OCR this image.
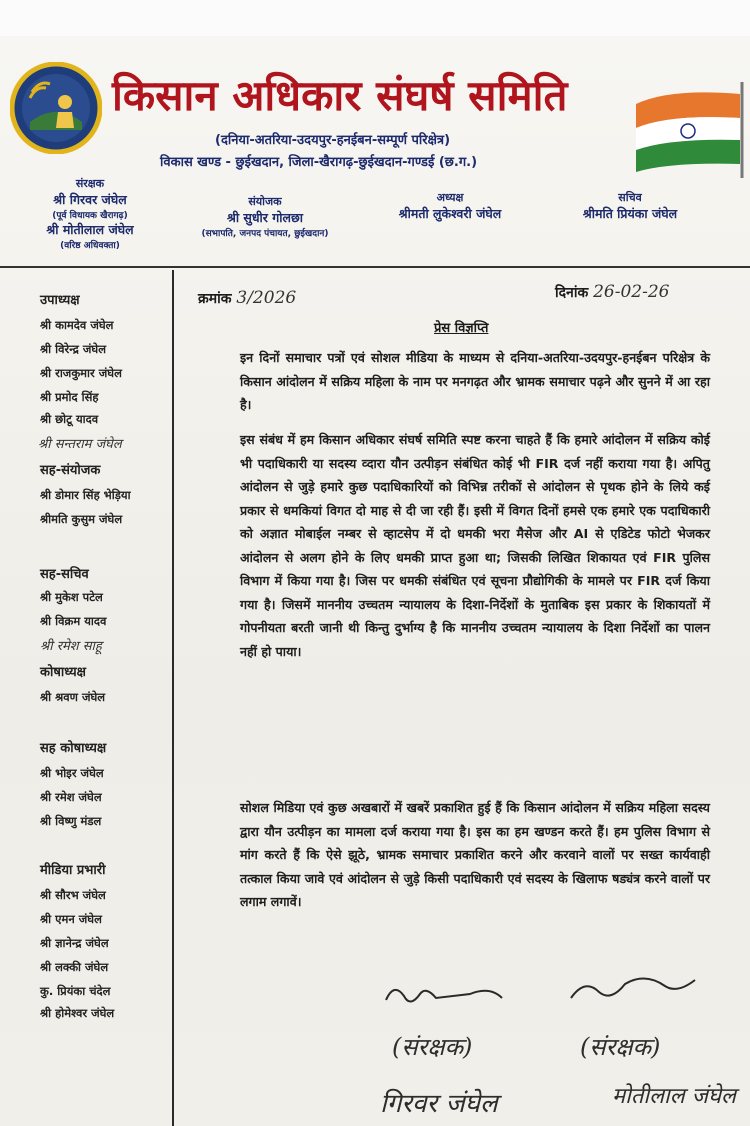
किसान अधिकार संघर्ष समिति
(दनिया-अतरिया-उदयपुर-हनईबन-सम्पूर्ण परिक्षेत्र)
विकास खण्ड - छुईखदान, जिला-खैरागढ़-छुईखदान-गण्डई (छ.ग.)
संरक्षक
श्री गिरवर जंघेल
(पूर्व विधायक खैरागढ़)
श्री मोतीलाल जंघेल
(वरिष्ठ अधिवक्ता)
संयोजक
श्री सुधीर गोलछा
(सभापति, जनपद पंचायत, छुईखदान)
अध्यक्ष
श्रीमती लुकेश्वरी जंघेल
सचिव
श्रीमति प्रियंका जंघेल
उपाध्यक्ष
श्री कामदेव जंघेल
श्री विरेन्द्र जंघेल
श्री राजकुमार जंघेल
श्री प्रमोद सिंह
श्री छोटू यादव
श्री सन्तराम जंघेल
सह-संयोजक
श्री डोमार सिंह भेड़िया
श्रीमति कुसुम जंघेल
सह-सचिव
श्री मुकेश पटेल
श्री विक्रम यादव
श्री रमेश साहू
कोषाध्यक्ष
श्री श्रवण जंघेल
सह कोषाध्यक्ष
श्री भोइर जंघेल
श्री रमेश जंघेल
श्री विष्णु मंडल
मीडिया प्रभारी
श्री सौरभ जंघेल
श्री एमन जंघेल
श्री ज्ञानेन्द्र जंघेल
श्री लक्की जंघेल
कु. प्रियंका चंदेल
श्री होमेश्वर जंघेल
क्रमांक 3/2026	दिनांक 26-02-26
प्रेस विज्ञप्ति
इन दिनों समाचार पत्रों एवं सोशल मीडिया के माध्यम से दनिया-अतरिया-उदयपुर-हनईबन परिक्षेत्र के किसान आंदोलन में सक्रिय महिला के नाम पर मनगढ़त और भ्रामक समाचार पढ़ने और सुनने में आ रहा है।
इस संबंध में हम किसान अधिकार संघर्ष समिति स्पष्ट करना चाहते हैं कि हमारे आंदोलन में सक्रिय कोई भी पदाधिकारी या सदस्य व्दारा यौन उत्पीड़न संबंधित कोई भी FIR दर्ज नहीं कराया गया है। अपितु आंदोलन से जुड़े हमारे कुछ पदाधिकारियों को विभिन्न तरीकों से आंदोलन से पृथक होने के लिये कई प्रकार से धमकियां विगत दो माह से दी जा रही हैं। इसी में विगत दिनों हमसे एक हमारे एक पदाधिकारी को अज्ञात मोबाईल नम्बर से व्हाटसेप में दो धमकी भरा मैसेज और AI से एडिटेड फोटो भेजकर आंदोलन से अलग होने के लिए धमकी प्राप्त हुआ था; जिसकी लिखित शिकायत एवं FIR पुलिस विभाग में किया गया है। जिस पर धमकी संबंधित एवं सूचना प्रौद्योगिकी के मामले पर FIR दर्ज किया गया है। जिसमें माननीय उच्चतम न्यायालय के दिशा-निर्देशों के मुताबिक इस प्रकार के शिकायतों में गोपनीयता बरती जानी थी किन्तु दुर्भाग्य है कि माननीय उच्चतम न्यायालय के दिशा निर्देशों का पालन नहीं हो पाया।
सोशल मिडिया एवं कुछ अखबारों में खबरें प्रकाशित हुई हैं कि किसान आंदोलन में सक्रिय महिला सदस्य द्वारा यौन उत्पीड़न का मामला दर्ज कराया गया है। इस का हम खण्डन करते हैं। हम पुलिस विभाग से मांग करते हैं कि ऐसे झूठे, भ्रामक समाचार प्रकाशित करने और करवाने वालों पर सख्त कार्यवाही तत्काल किया जावे एवं आंदोलन से जुड़े किसी पदाधिकारी एवं सदस्य के खिलाफ षड्यंत्र करने वालों पर लगाम लगावें।
(संरक्षक)	(संरक्षक)
गिरवर जंघेल	मोतीलाल जंघेल
